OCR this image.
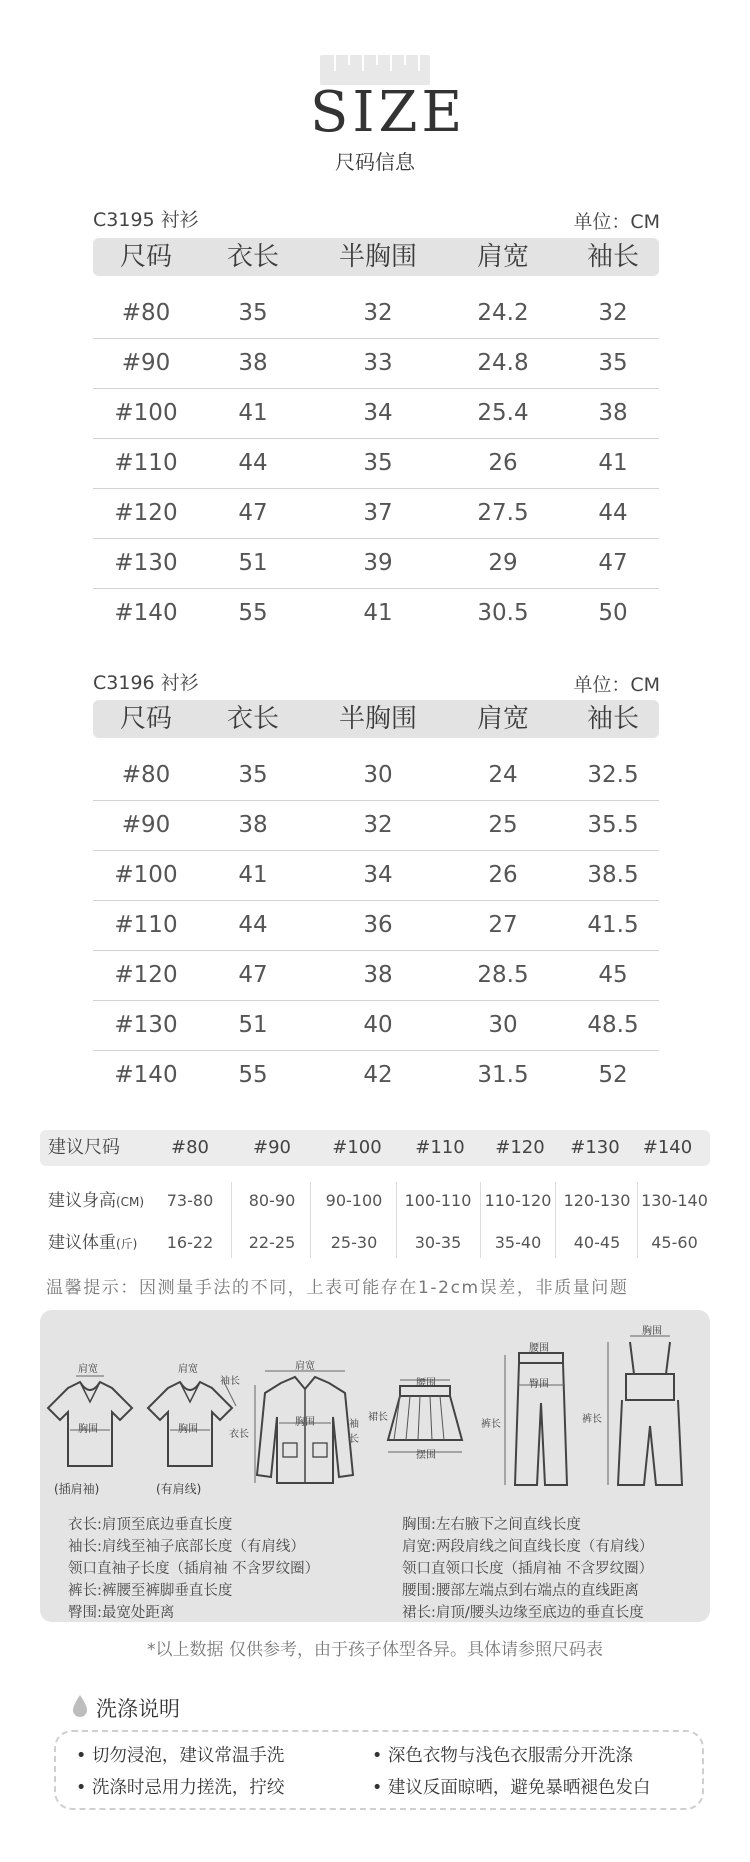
SIZE
尺码信息
C3195 衬衫	单位：CM
尺码	衣长	半胸围	肩宽	袖长
#80	35	32	24.2	32
#90	38	33	24.8	35
#100	41	34	25.4	38
#110	44	35	26	41
#120	47	37	27.5	44
#130	51	39	29	47
#140	55	41	30.5	50
C3196 衬衫	单位：CM
尺码	衣长	半胸围	肩宽	袖长
#80	35	30	24	32.5
#90	38	32	25	35.5
#100	41	34	26	38.5
#110	44	36	27	41.5
#120	47	38	28.5	45
#130	51	40	30	48.5
#140	55	42	31.5	52
建议尺码	#80	#90	#100	#110	#120	#130	#140
建议身高(CM)	73-80	80-90	90-100	100-110 110-120 120-130 130-140
建议体重(斤)	16-22	22-25	25-30	30-35	35-40	40-45	45-60
温馨提示：因测量手法的不同，上表可能存在1-2cm误差，非质量问题
肩宽
胸围
(插肩袖)
肩宽
袖长
胸围
(有肩线)
肩宽
胸围
衣长
袖长
腰围
裙长
摆围
腰围
臀围
裤长
胸围
裤长
衣长:肩顶至底边垂直长度
袖长:肩线至袖子底部长度（有肩线）
领口直袖子长度（插肩袖 不含罗纹圈）
裤长:裤腰至裤脚垂直长度
臀围:最宽处距离
胸围:左右腋下之间直线长度
肩宽:两段肩线之间直线长度（有肩线）
领口直领口长度（插肩袖 不含罗纹圈）
腰围:腰部左端点到右端点的直线距离
裙长:肩顶/腰头边缘至底边的垂直长度
*以上数据 仅供参考，由于孩子体型各异。具体请参照尺码表
洗涤说明
• 切勿浸泡，建议常温手洗	• 深色衣物与浅色衣服需分开洗涤
• 洗涤时忌用力搓洗，拧绞	• 建议反面晾晒，避免暴晒褪色发白
